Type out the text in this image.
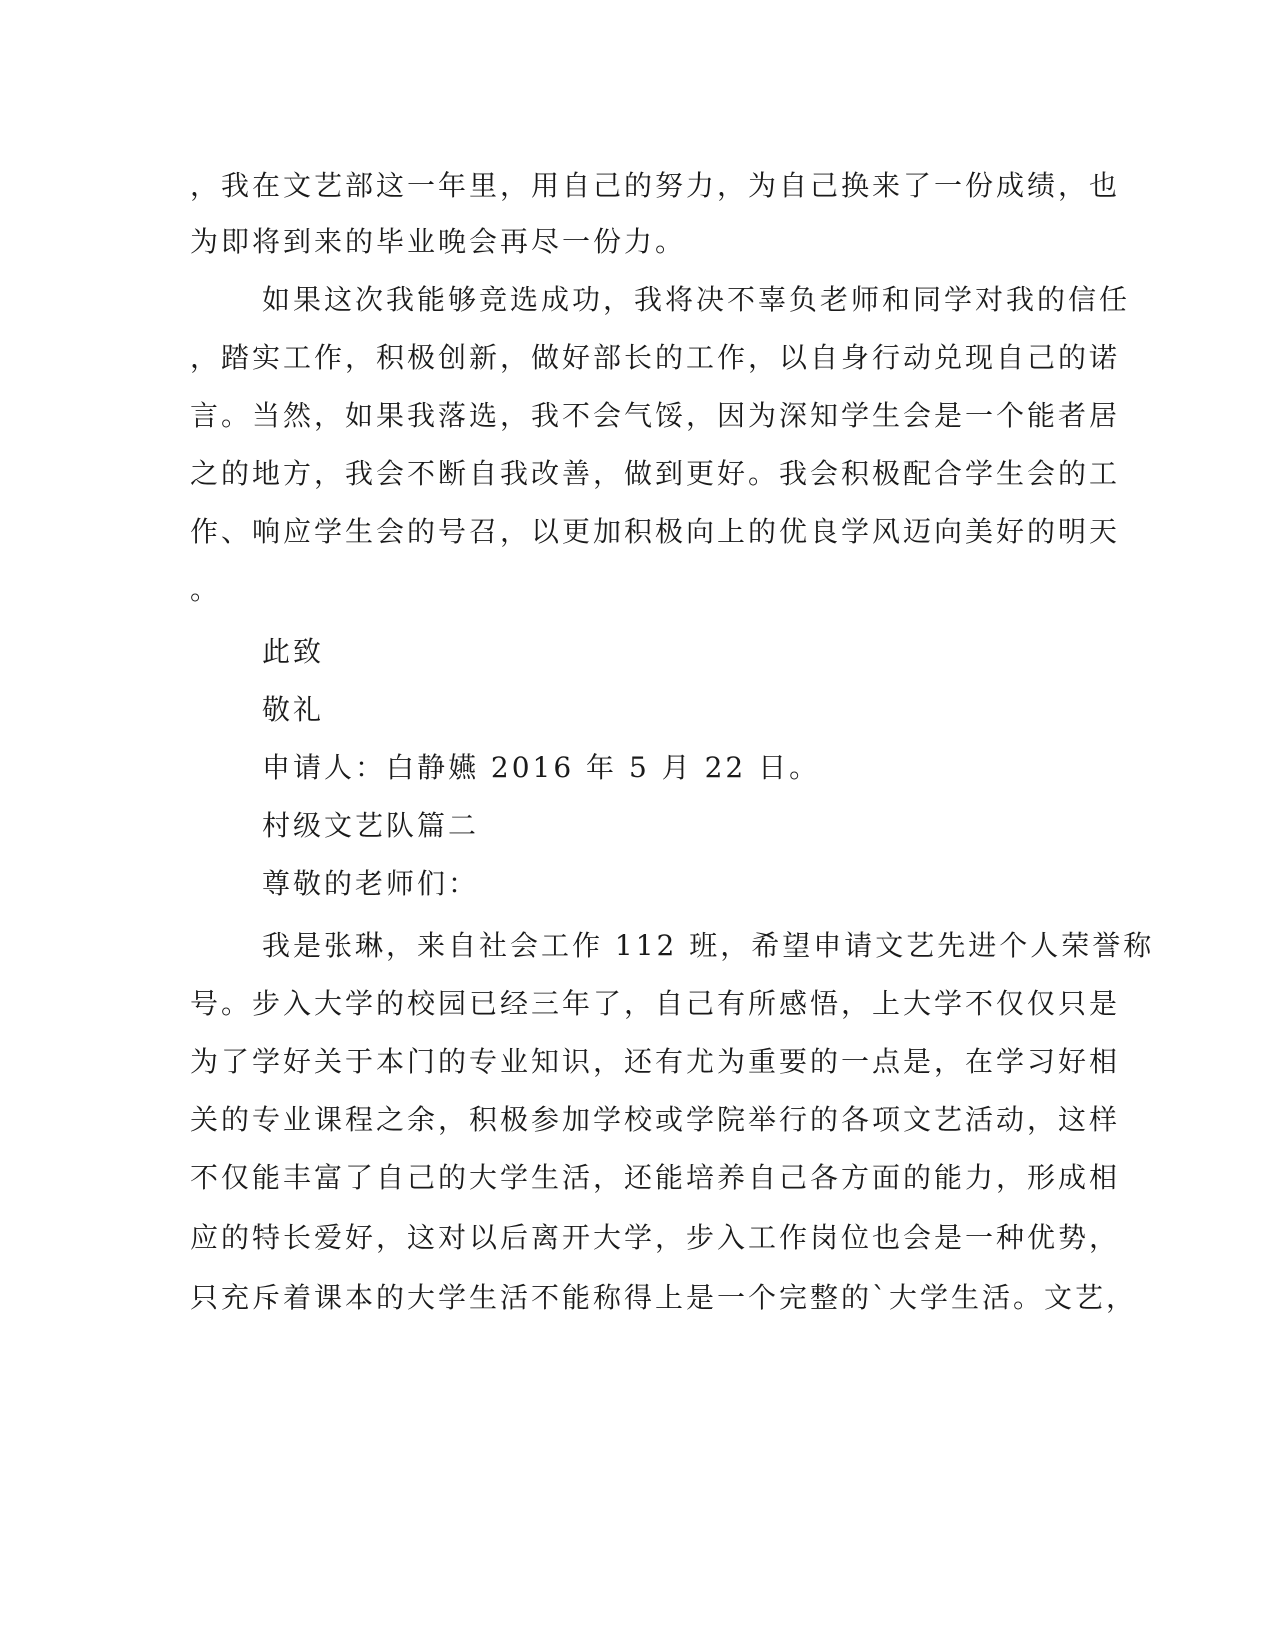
，我在文艺部这一年里，用自己的努力，为自己换来了一份成绩，也
为即将到来的毕业晚会再尽一份力。
如果这次我能够竞选成功，我将决不辜负老师和同学对我的信任
，踏实工作，积极创新，做好部长的工作，以自身行动兑现自己的诺
言。当然，如果我落选，我不会气馁，因为深知学生会是一个能者居
之的地方，我会不断自我改善，做到更好。我会积极配合学生会的工
作、响应学生会的号召，以更加积极向上的优良学风迈向美好的明天
。
此致
敬礼
申请人：白静嬿 2016 年 5 月 22 日。
村级文艺队篇二
尊敬的老师们：
我是张琳，来自社会工作 112 班，希望申请文艺先进个人荣誉称
号。步入大学的校园已经三年了，自己有所感悟，上大学不仅仅只是
为了学好关于本门的专业知识，还有尤为重要的一点是，在学习好相
关的专业课程之余，积极参加学校或学院举行的各项文艺活动，这样
不仅能丰富了自己的大学生活，还能培养自己各方面的能力，形成相
应的特长爱好，这对以后离开大学，步入工作岗位也会是一种优势，
只充斥着课本的大学生活不能称得上是一个完整的`大学生活。文艺，
